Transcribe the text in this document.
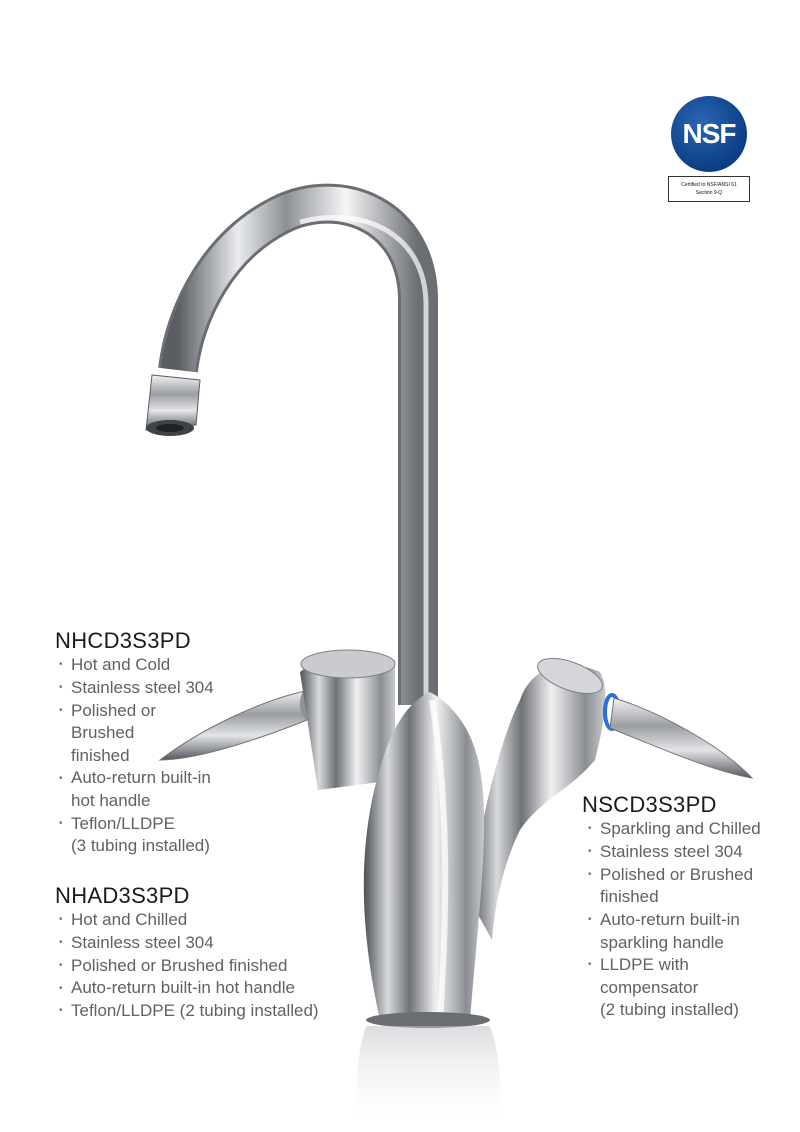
NSF
Certified to NSF/ANSI 61
Section 9-Q
NHCD3S3PD
• Hot and Cold
• Stainless steel 304
• Polished or
Brushed
finished
• Auto-return built-in
hot handle
• Teflon/LLDPE
(3 tubing installed)
NHAD3S3PD
• Hot and Chilled
• Stainless steel 304
• Polished or Brushed finished
• Auto-return built-in hot handle
• Teflon/LLDPE (2 tubing installed)
NSCD3S3PD
• Sparkling and Chilled
• Stainless steel 304
• Polished or Brushed
finished
• Auto-return built-in
sparkling handle
• LLDPE with
compensator
(2 tubing installed)
